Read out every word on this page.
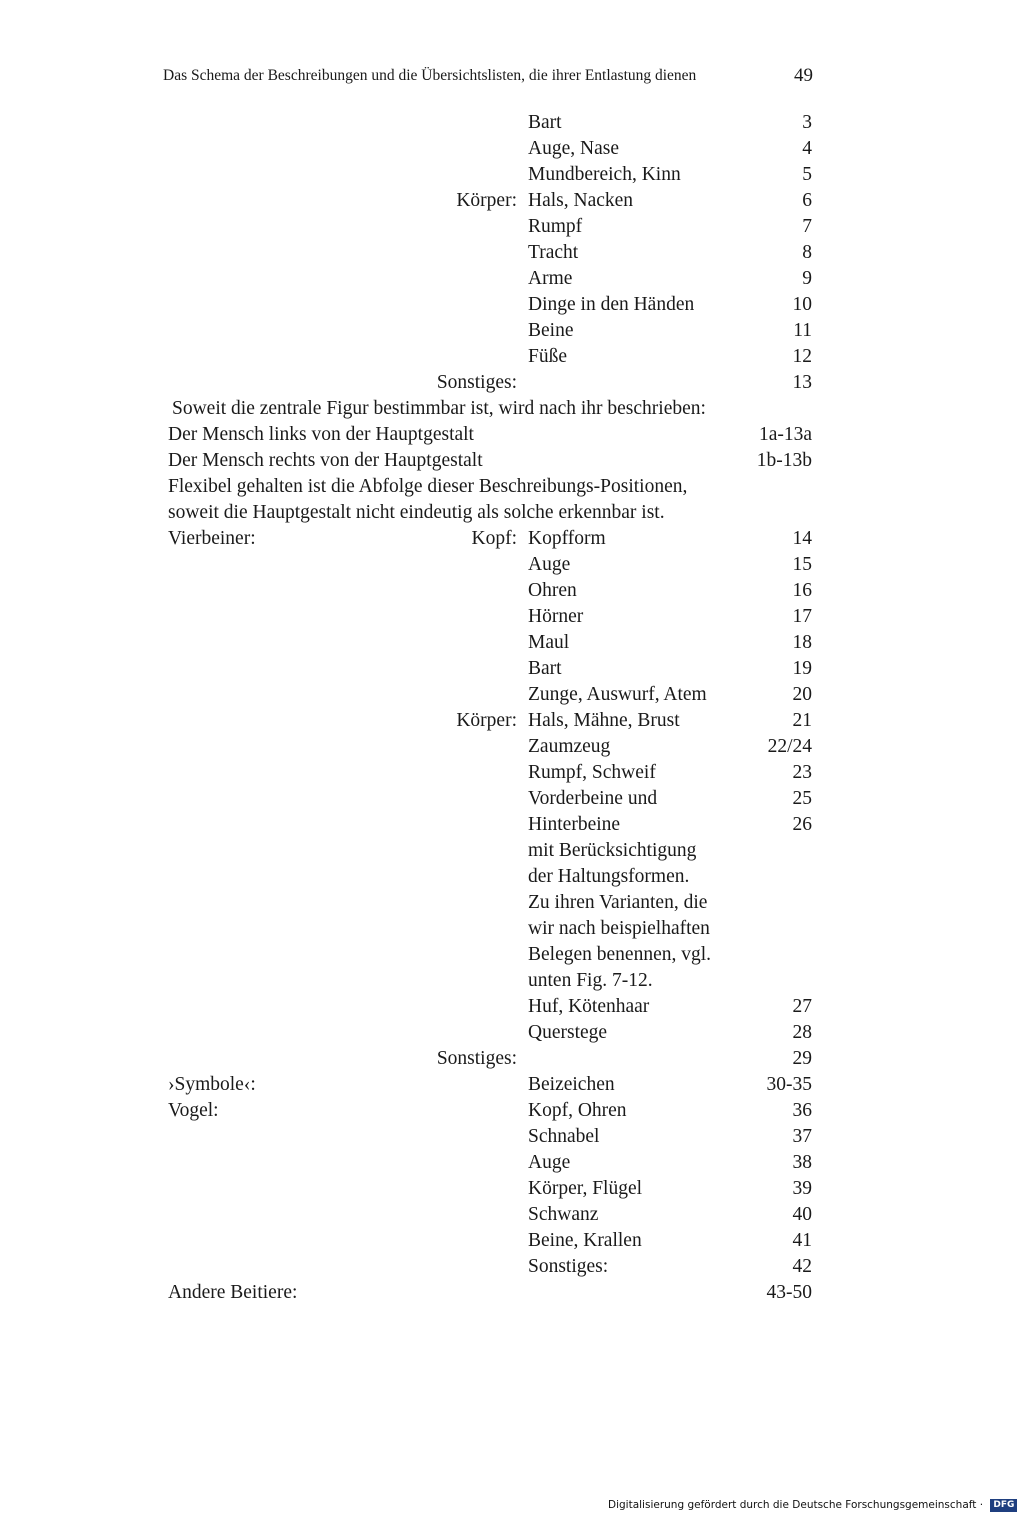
Das Schema der Beschreibungen und die Übersichtslisten, die ihrer Entlastung dienen	49
Bart	3
Auge, Nase	4
Mundbereich, Kinn	5
Körper: Hals, Nacken	6
Rumpf	7
Tracht	8
Arme	9
Dinge in den Händen	10
Beine	11
Füße	12
Sonstiges:	13
Soweit die zentrale Figur bestimmbar ist, wird nach ihr beschrieben:
Der Mensch links von der Hauptgestalt	1a-13a
Der Mensch rechts von der Hauptgestalt	1b-13b
Flexibel gehalten ist die Abfolge dieser Beschreibungs-Positionen,
soweit die Hauptgestalt nicht eindeutig als solche erkennbar ist.
Vierbeiner:	Kopf: Kopfform	14
Auge	15
Ohren	16
Hörner	17
Maul	18
Bart	19
Zunge, Auswurf, Atem	20
Körper: Hals, Mähne, Brust	21
Zaumzeug	22/24
Rumpf, Schweif	23
Vorderbeine und	25
Hinterbeine	26
mit Berücksichtigung
der Haltungsformen.
Zu ihren Varianten, die
wir nach beispielhaften
Belegen benennen, vgl.
unten Fig. 7-12.
Huf, Kötenhaar	27
Querstege	28
Sonstiges:	29
›Symbole‹:	Beizeichen	30-35
Vogel:	Kopf, Ohren	36
Schnabel	37
Auge	38
Körper, Flügel	39
Schwanz	40
Beine, Krallen	41
Sonstiges:	42
Andere Beitiere:	43-50
Digitalisierung gefördert durch die Deutsche Forschungsgemeinschaft · DFG
